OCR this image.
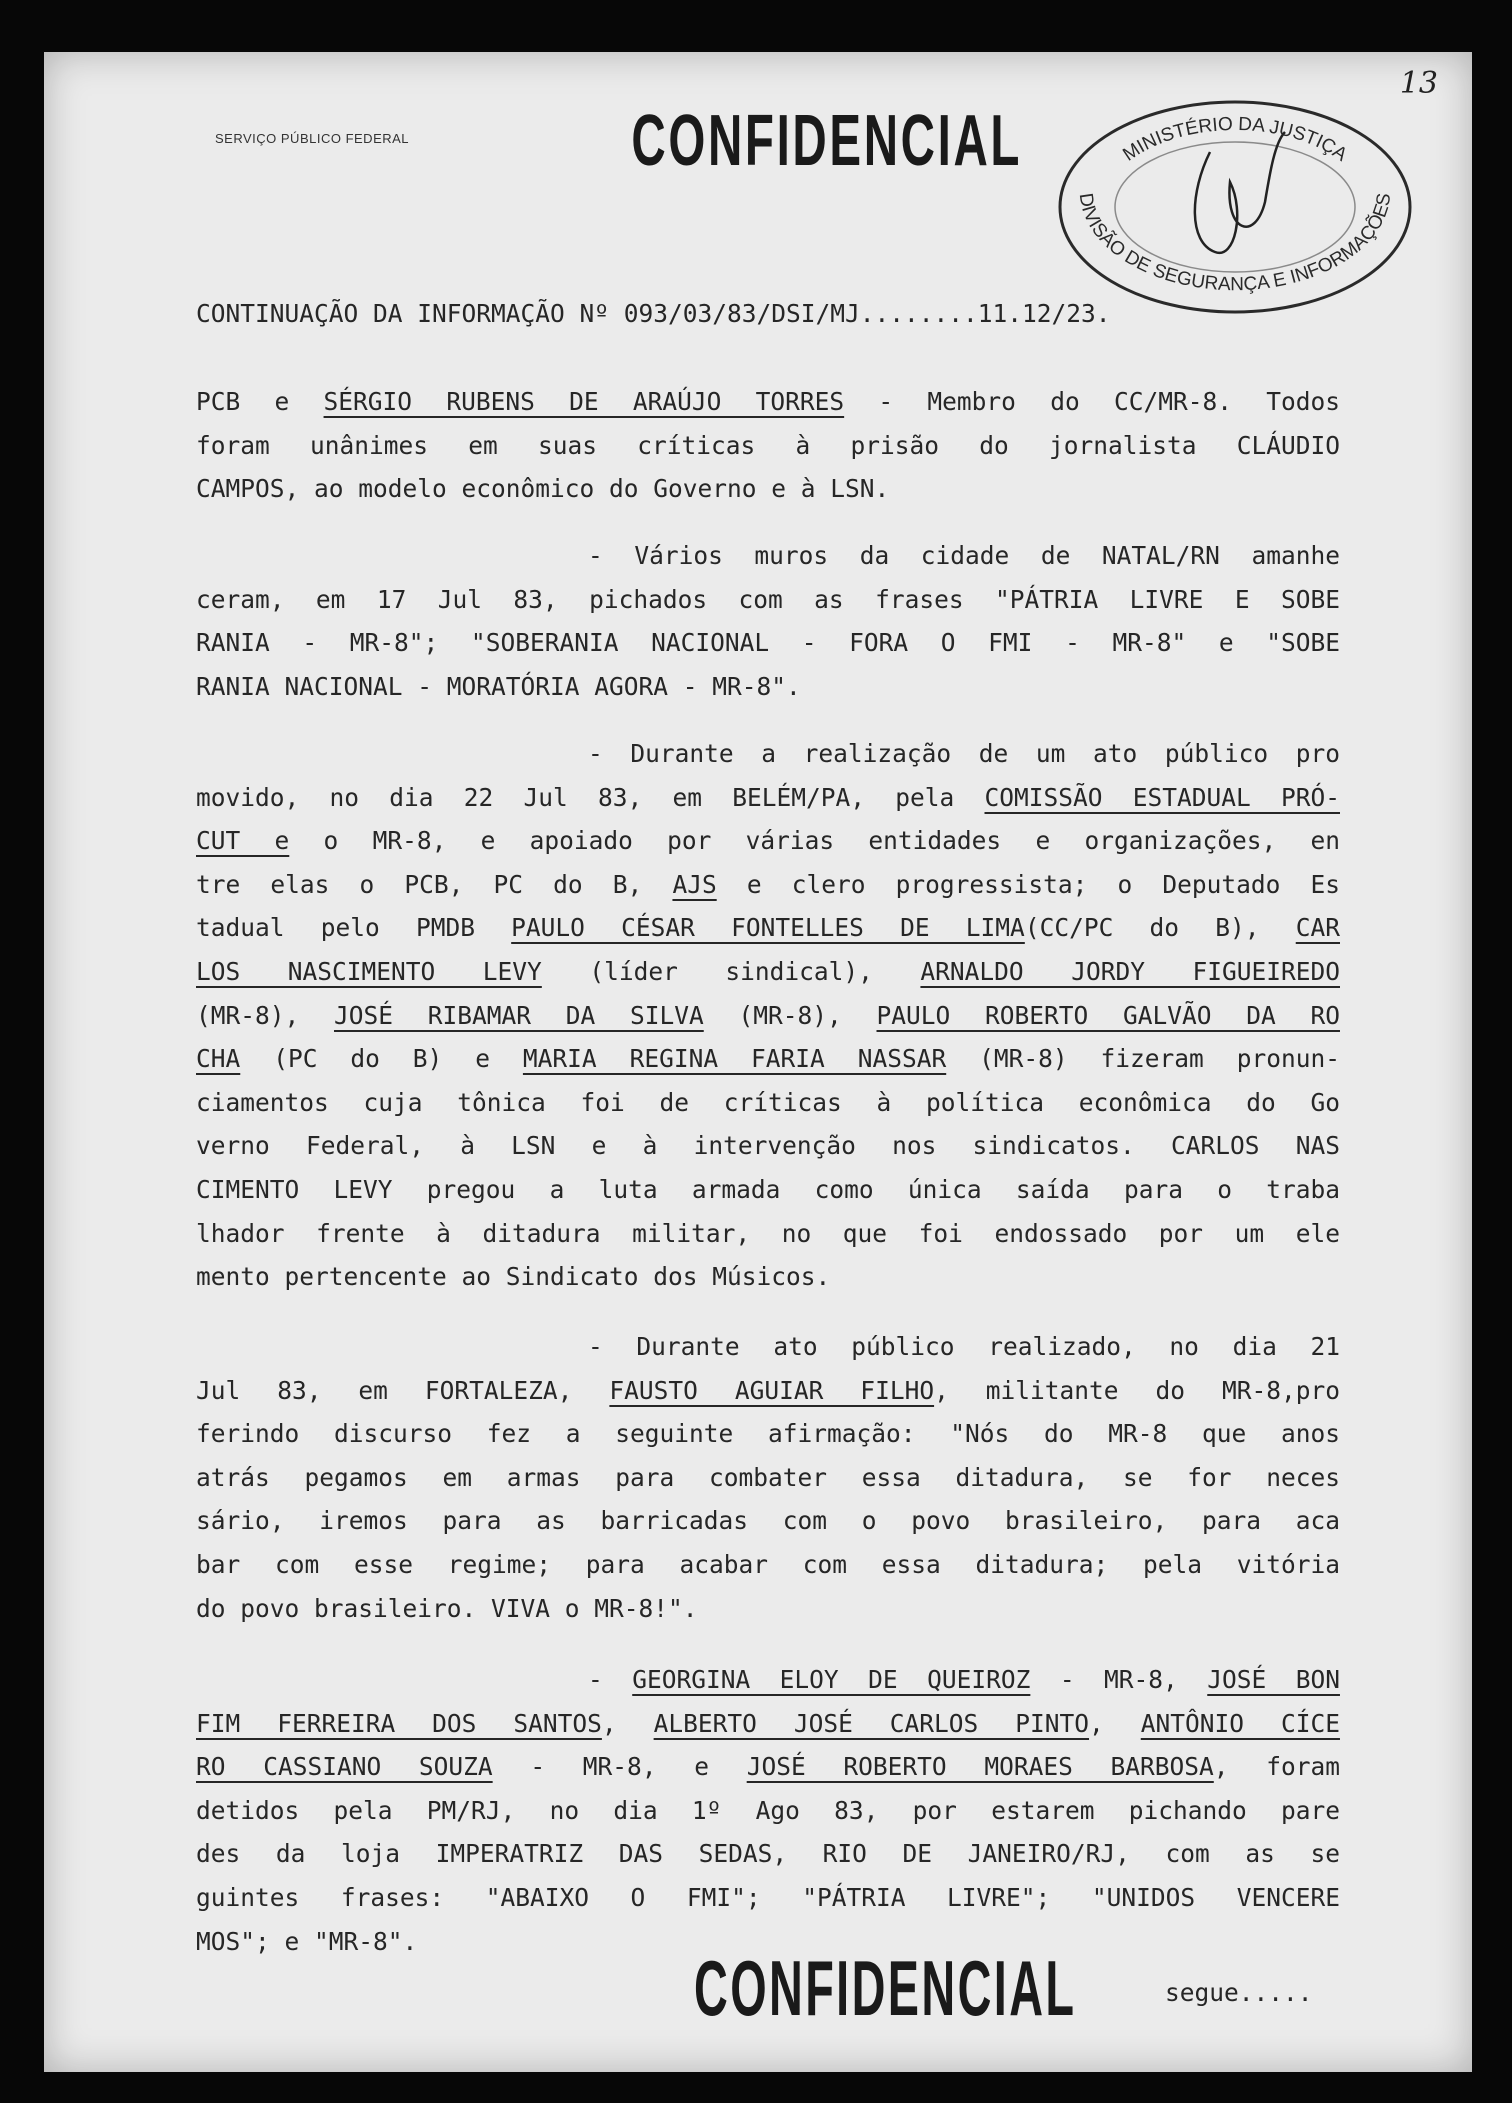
13
SERVIÇO PÚBLICO FEDERAL	CONFIDENCIAL	MINISTÉRIO DA JUSTIÇA
DIVISÃO DE SEGURANÇA E INFORMAÇÕES
CONTINUAÇÃO DA INFORMAÇÃO Nº 093/03/83/DSI/MJ........11.12/23.
PCB e SÉRGIO RUBENS DE ARAÚJO TORRES - Membro do CC/MR-8. Todos
foram unânimes em suas críticas à prisão do jornalista CLÁUDIO
CAMPOS, ao modelo econômico do Governo e à LSN.
- Vários muros da cidade de NATAL/RN amanhe
ceram, em 17 Jul 83, pichados com as frases "PÁTRIA LIVRE E SOBE
RANIA - MR-8"; "SOBERANIA NACIONAL - FORA O FMI - MR-8" e "SOBE
RANIA NACIONAL - MORATÓRIA AGORA - MR-8".
- Durante a realização de um ato público pro
movido, no dia 22 Jul 83, em BELÉM/PA, pela COMISSÃO ESTADUAL PRÓ-
CUT e o MR-8, e apoiado por várias entidades e organizações, en
tre elas o PCB, PC do B, AJS e clero progressista; o Deputado Es
tadual pelo PMDB PAULO CÉSAR FONTELLES DE LIMA(CC/PC do B), CAR
LOS NASCIMENTO LEVY (líder sindical), ARNALDO JORDY FIGUEIREDO
(MR-8), JOSÉ RIBAMAR DA SILVA (MR-8), PAULO ROBERTO GALVÃO DA RO
CHA (PC do B) e MARIA REGINA FARIA NASSAR (MR-8) fizeram pronun-
ciamentos cuja tônica foi de críticas à política econômica do Go
verno Federal, à LSN e à intervenção nos sindicatos. CARLOS NAS
CIMENTO LEVY pregou a luta armada como única saída para o traba
lhador frente à ditadura militar, no que foi endossado por um ele
mento pertencente ao Sindicato dos Músicos.
- Durante ato público realizado, no dia 21
Jul 83, em FORTALEZA, FAUSTO AGUIAR FILHO, militante do MR-8,pro
ferindo discurso fez a seguinte afirmação: "Nós do MR-8 que anos
atrás pegamos em armas para combater essa ditadura, se for neces
sário, iremos para as barricadas com o povo brasileiro, para aca
bar com esse regime; para acabar com essa ditadura; pela vitória
do povo brasileiro. VIVA o MR-8!".
- GEORGINA ELOY DE QUEIROZ - MR-8, JOSÉ BON
FIM FERREIRA DOS SANTOS, ALBERTO JOSÉ CARLOS PINTO, ANTÔNIO CÍCE
RO CASSIANO SOUZA - MR-8, e JOSÉ ROBERTO MORAES BARBOSA, foram
detidos pela PM/RJ, no dia 1º Ago 83, por estarem pichando pare
des da loja IMPERATRIZ DAS SEDAS, RIO DE JANEIRO/RJ, com as se
guintes frases: "ABAIXO O FMI"; "PÁTRIA LIVRE"; "UNIDOS VENCERE
MOS"; e "MR-8".
CONFIDENCIAL	segue.....
